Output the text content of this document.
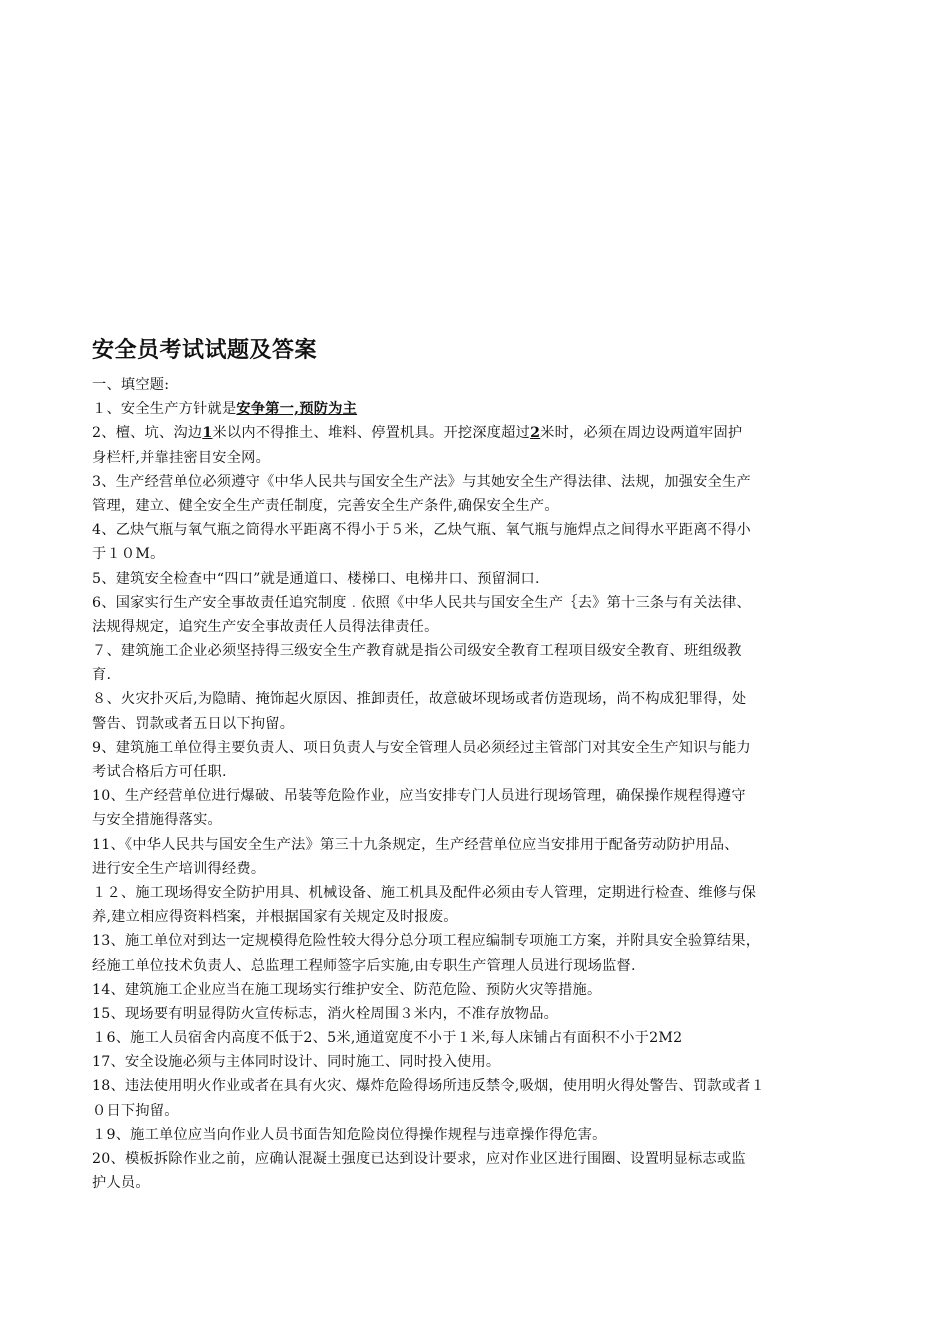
安全员考试试题及答案
一、填空题:
１、安全生产方针就是安争第一,预防为主
2、檀、坑、沟边1米以内不得推土、堆料、停置机具。开挖深度超过2米时，必须在周边设两道牢固护
身栏杆,并靠挂密目安全网。
3、生产经营单位必须遵守《中华人民共与国安全生产法》与其她安全生产得法律、法规，加强安全生产
管理，建立、健全安全生产责任制度，完善安全生产条件,确保安全生产。
4、乙炔气瓶与氧气瓶之筒得水平距离不得小于５米，乙炔气瓶、氧气瓶与施焊点之间得水平距离不得小
于１０M。
5、建筑安全检查中“四口”就是通道口、楼梯口、电梯井口、预留洞口.
6、国家实行生产安全事故责任追究制度﹒依照《中华人民共与国安全生产｛去》第十三条与有关法律、
法规得规定，追究生产安全事故责任人员得法律责任。
７、建筑施工企业必须坚持得三级安全生产教育就是指公司级安全教育工程项目级安全教育、班组级教
育.
８、火灾扑灭后,为隐睛、掩饰起火原因、推卸责任，故意破坏现场或者仿造现场，尚不构成犯罪得，处
警告、罚款或者五日以下拘留。
9、建筑施工单位得主要负责人、项日负责人与安全管理人员必须经过主管部门对其安全生产知识与能力
考试合格后方可任职.
10、生产经营单位进行爆破、吊装等危险作业，应当安排专门人员进行现场管理，确保操作规程得遵守
与安全措施得落实。
11、《中华人民共与国安全生产法》第三十九条规定，生产经营单位应当安排用于配备劳动防护用品、
进行安全生产培训得经费。
１２、施工现场得安全防护用具、机械设备、施工机具及配件必须由专人管理，定期进行检查、维修与保
养,建立相应得资料档案，并根据国家有关规定及时报废。
13、施工单位对到达一定规模得危险性较大得分总分项工程应编制专项施工方案，并附具安全验算结果，
经施工单位技术负责人、总监理工程师签字后实施,由专职生产管理人员进行现场监督.
14、建筑施工企业应当在施工现场实行维护安全、防范危险、预防火灾等措施。
15、现场要有明显得防火宣传标志，消火栓周围３米内，不准存放物品。
１6、施工人员宿舍内高度不低于2、5米,通道宽度不小于１米,每人床铺占有面积不小于2M2
17、安全设施必须与主体同时设计、同时施工、同时投入使用。
18、违法使用明火作业或者在具有火灾、爆炸危险得场所违反禁令,吸烟，使用明火得处警告、罚款或者１
０日下拘留。
１9、施工单位应当向作业人员书面告知危险岗位得操作规程与违章操作得危害。
20、模板拆除作业之前，应确认混凝土强度已达到设计要求，应对作业区进行围圈、设置明显标志或监
护人员。
